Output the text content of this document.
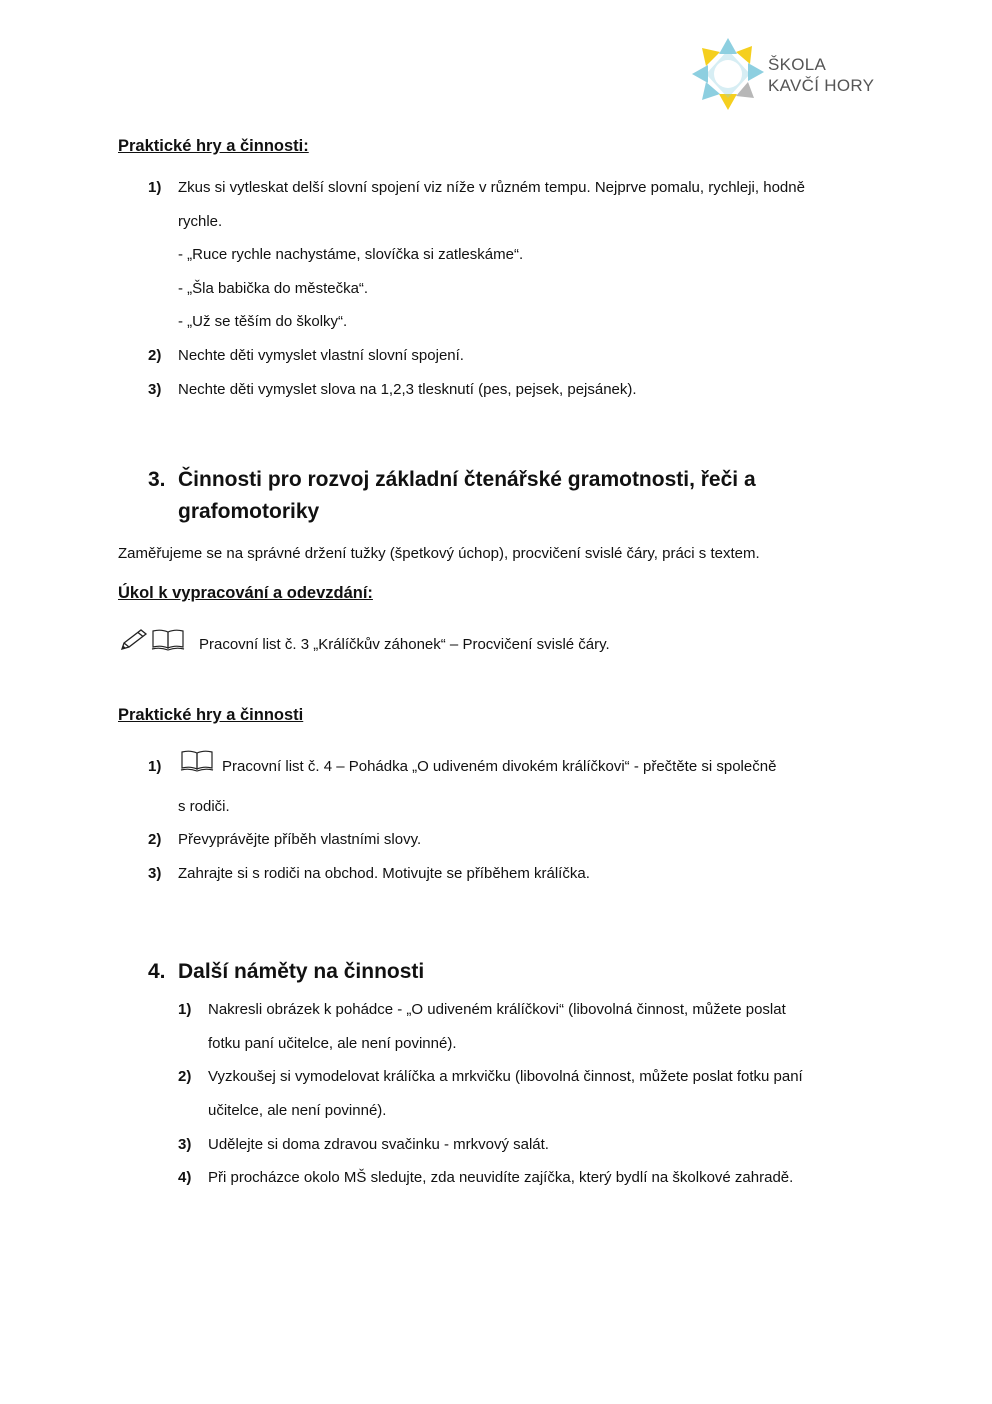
ŠKOLA
KAVČÍ HORY
Praktické hry a činnosti:
1) Zkus si vytleskat delší slovní spojení viz níže v různém tempu. Nejprve pomalu, rychleji, hodně
rychle.
- „Ruce rychle nachystáme, slovíčka si zatleskáme“.
- „Šla babička do městečka“.
- „Už se těším do školky“.
2) Nechte děti vymyslet vlastní slovní spojení.
3) Nechte děti vymyslet slova na 1,2,3 tlesknutí (pes, pejsek, pejsánek).
3. Činnosti pro rozvoj základní čtenářské gramotnosti, řeči a
grafomotoriky
Zaměřujeme se na správné držení tužky (špetkový úchop), procvičení svislé čáry, práci s textem.
Úkol k vypracování a odevzdání:
Pracovní list č. 3 „Králíčkův záhonek“ – Procvičení svislé čáry.
Praktické hry a činnosti
1)	Pracovní list č. 4 – Pohádka „O udiveném divokém králíčkovi“ - přečtěte si společně
s rodiči.
2) Převyprávějte příběh vlastními slovy.
3) Zahrajte si s rodiči na obchod. Motivujte se příběhem králíčka.
4. Další náměty na činnosti
1) Nakresli obrázek k pohádce - „O udiveném králíčkovi“ (libovolná činnost, můžete poslat
fotku paní učitelce, ale není povinné).
2) Vyzkoušej si vymodelovat králíčka a mrkvičku (libovolná činnost, můžete poslat fotku paní
učitelce, ale není povinné).
3) Udělejte si doma zdravou svačinku - mrkvový salát.
4) Při procházce okolo MŠ sledujte, zda neuvidíte zajíčka, který bydlí na školkové zahradě.
